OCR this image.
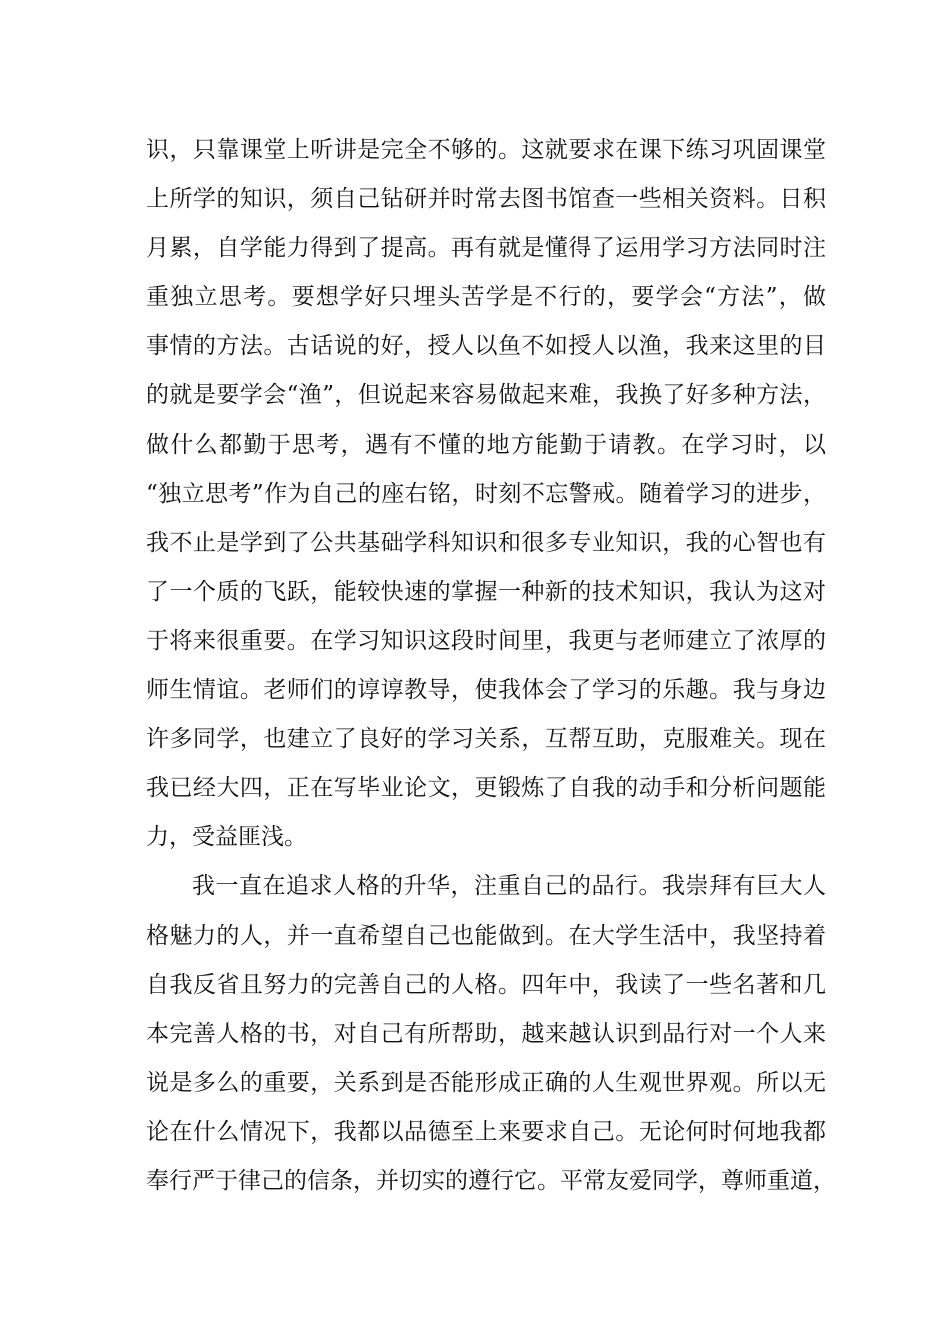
识，只靠课堂上听讲是完全不够的。这就要求在课下练习巩固课堂
上所学的知识，须自己钻研并时常去图书馆查一些相关资料。日积
月累，自学能力得到了提高。再有就是懂得了运用学习方法同时注
重独立思考。要想学好只埋头苦学是不行的，要学会“方法”，做
事情的方法。古话说的好，授人以鱼不如授人以渔，我来这里的目
的就是要学会“渔”，但说起来容易做起来难，我换了好多种方法，
做什么都勤于思考，遇有不懂的地方能勤于请教。在学习时，以
“独立思考”作为自己的座右铭，时刻不忘警戒。随着学习的进步，
我不止是学到了公共基础学科知识和很多专业知识，我的心智也有
了一个质的飞跃，能较快速的掌握一种新的技术知识，我认为这对
于将来很重要。在学习知识这段时间里，我更与老师建立了浓厚的
师生情谊。老师们的谆谆教导，使我体会了学习的乐趣。我与身边
许多同学，也建立了良好的学习关系，互帮互助，克服难关。现在
我已经大四，正在写毕业论文，更锻炼了自我的动手和分析问题能
力，受益匪浅。
我一直在追求人格的升华，注重自己的品行。我崇拜有巨大人
格魅力的人，并一直希望自己也能做到。在大学生活中，我坚持着
自我反省且努力的完善自己的人格。四年中，我读了一些名著和几
本完善人格的书，对自己有所帮助，越来越认识到品行对一个人来
说是多么的重要，关系到是否能形成正确的人生观世界观。所以无
论在什么情况下，我都以品德至上来要求自己。无论何时何地我都
奉行严于律己的信条，并切实的遵行它。平常友爱同学，尊师重道，
